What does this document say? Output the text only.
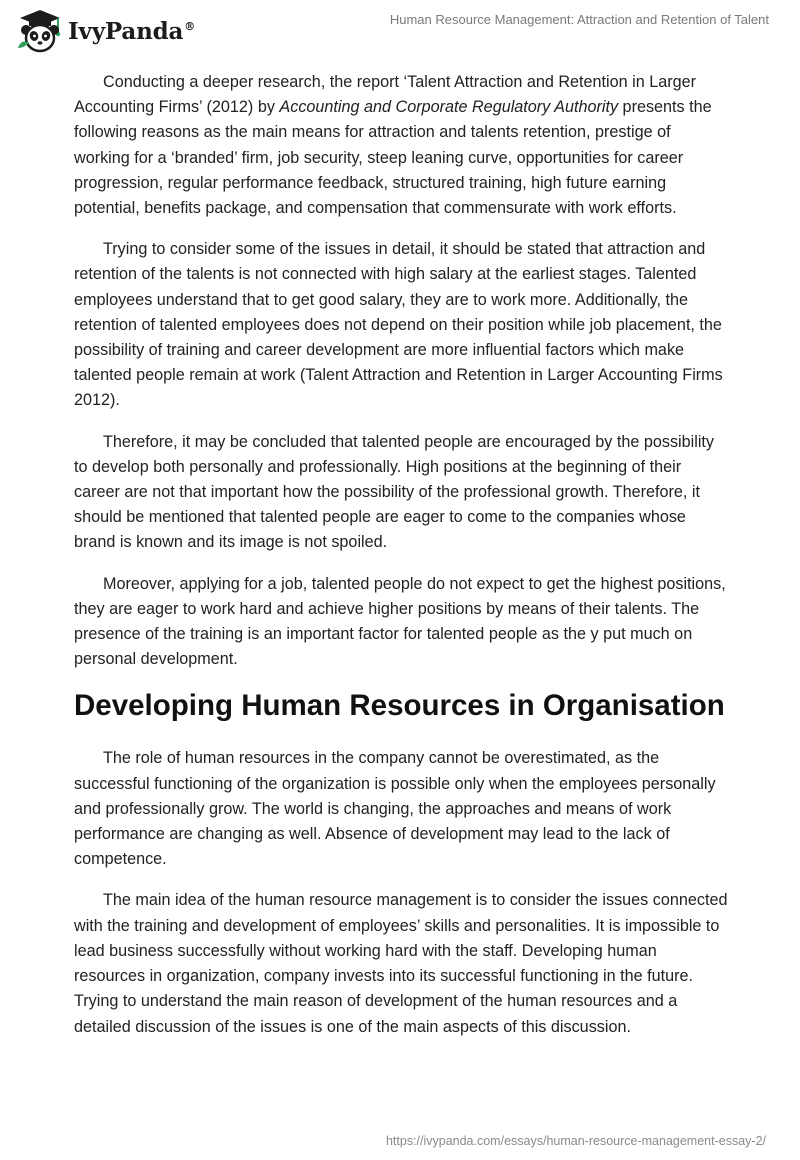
IvyPanda®	Human Resource Management: Attraction and Retention of Talent

Conducting a deeper research, the report ‘Talent Attraction and Retention in Larger Accounting Firms’ (2012) by Accounting and Corporate Regulatory Authority presents the following reasons as the main means for attraction and talents retention, prestige of working for a ‘branded’ firm, job security, steep leaning curve, opportunities for career progression, regular performance feedback, structured training, high future earning potential, benefits package, and compensation that commensurate with work efforts.

Trying to consider some of the issues in detail, it should be stated that attraction and retention of the talents is not connected with high salary at the earliest stages. Talented employees understand that to get good salary, they are to work more. Additionally, the retention of talented employees does not depend on their position while job placement, the possibility of training and career development are more influential factors which make talented people remain at work (Talent Attraction and Retention in Larger Accounting Firms 2012).

Therefore, it may be concluded that talented people are encouraged by the possibility to develop both personally and professionally. High positions at the beginning of their career are not that important how the possibility of the professional growth. Therefore, it should be mentioned that talented people are eager to come to the companies whose brand is known and its image is not spoiled.

Moreover, applying for a job, talented people do not expect to get the highest positions, they are eager to work hard and achieve higher positions by means of their talents. The presence of the training is an important factor for talented people as the y put much on personal development.

Developing Human Resources in Organisation

The role of human resources in the company cannot be overestimated, as the successful functioning of the organization is possible only when the employees personally and professionally grow. The world is changing, the approaches and means of work performance are changing as well. Absence of development may lead to the lack of competence.

The main idea of the human resource management is to consider the issues connected with the training and development of employees’ skills and personalities. It is impossible to lead business successfully without working hard with the staff. Developing human resources in organization, company invests into its successful functioning in the future. Trying to understand the main reason of development of the human resources and a detailed discussion of the issues is one of the main aspects of this discussion.

https://ivypanda.com/essays/human-resource-management-essay-2/
